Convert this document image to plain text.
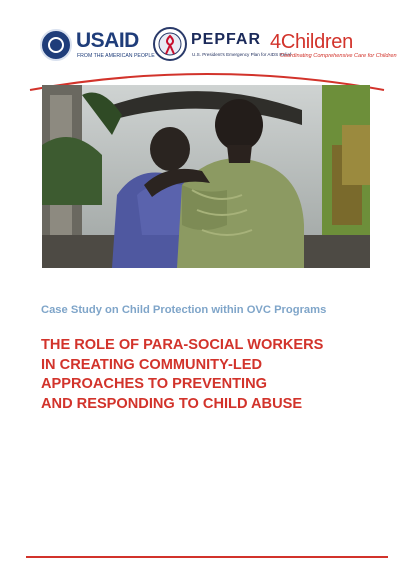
USAID
FROM THE AMERICAN PEOPLE
PEPFAR
U.S. President's Emergency Plan for AIDS Relief
4Children
Coordinating Comprehensive Care for Children
Case Study on Child Protection within OVC Programs
THE ROLE OF PARA-SOCIAL WORKERS
IN CREATING COMMUNITY-LED
APPROACHES TO PREVENTING
AND RESPONDING TO CHILD ABUSE
